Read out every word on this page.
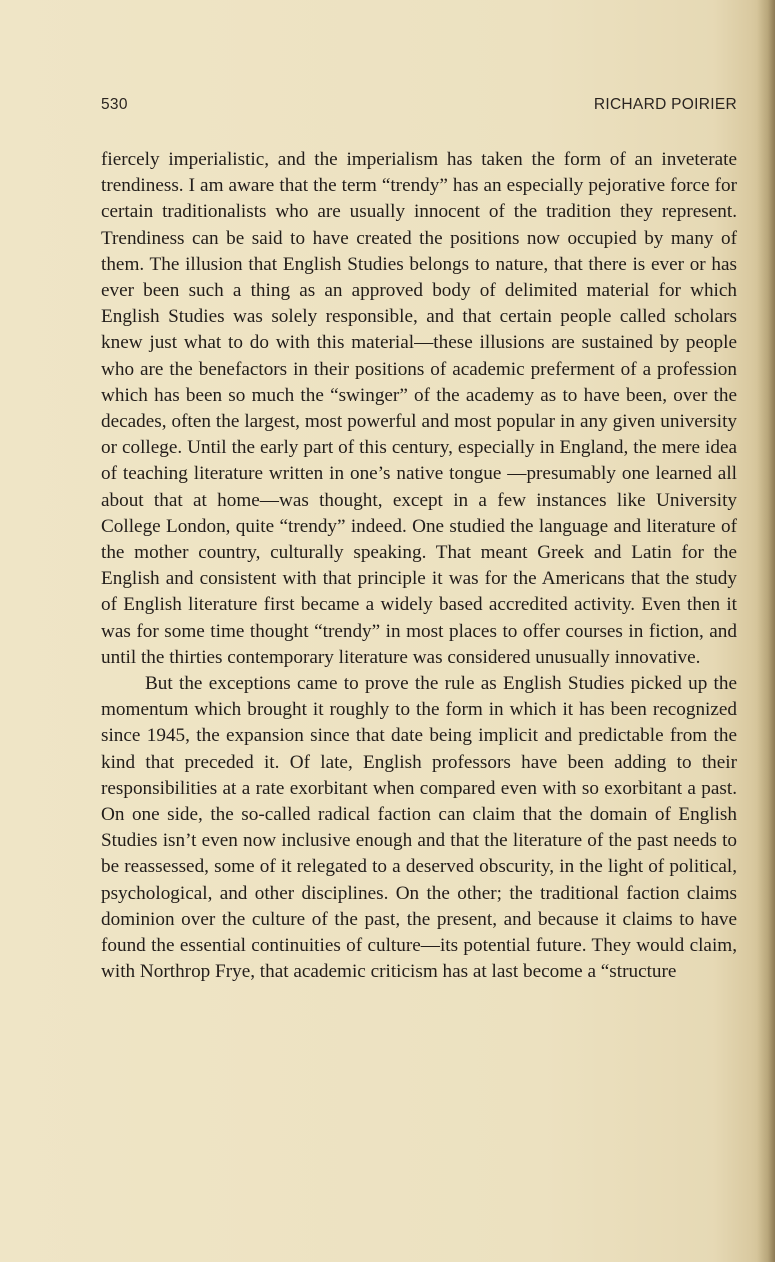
530	RICHARD POIRIER

fiercely imperialistic, and the imperialism has taken the form of an inveterate trendiness. I am aware that the term “trendy” has an especially pejorative force for certain traditionalists who are usually innocent of the tradition they represent. Trendiness can be said to have created the positions now occupied by many of them. The illusion that English Studies belongs to nature, that there is ever or has ever been such a thing as an approved body of delimited material for which English Studies was solely responsible, and that certain people called scholars knew just what to do with this material—these illusions are sustained by people who are the benefactors in their positions of academic preferment of a profession which has been so much the “swinger” of the academy as to have been, over the decades, often the largest, most powerful and most popular in any given university or college. Until the early part of this century, especially in England, the mere idea of teaching literature written in one’s native tongue —presumably one learned all about that at home—was thought, except in a few instances like University College London, quite “trendy” indeed. One studied the language and literature of the mother country, culturally speaking. That meant Greek and Latin for the English and consistent with that principle it was for the Americans that the study of English literature first became a widely based accredited activity. Even then it was for some time thought “trendy” in most places to offer courses in fiction, and until the thirties contemporary literature was considered unusually innovative.

But the exceptions came to prove the rule as English Studies picked up the momentum which brought it roughly to the form in which it has been recognized since 1945, the expansion since that date being implicit and predictable from the kind that preceded it. Of late, English professors have been adding to their responsibilities at a rate exorbitant when compared even with so exorbitant a past. On one side, the so-called radical faction can claim that the domain of English Studies isn’t even now inclusive enough and that the literature of the past needs to be reassessed, some of it relegated to a deserved obscurity, in the light of political, psychological, and other disciplines. On the other; the traditional faction claims dominion over the culture of the past, the present, and because it claims to have found the essential continuities of culture—its potential future. They would claim, with Northrop Frye, that academic criticism has at last become a “structure
